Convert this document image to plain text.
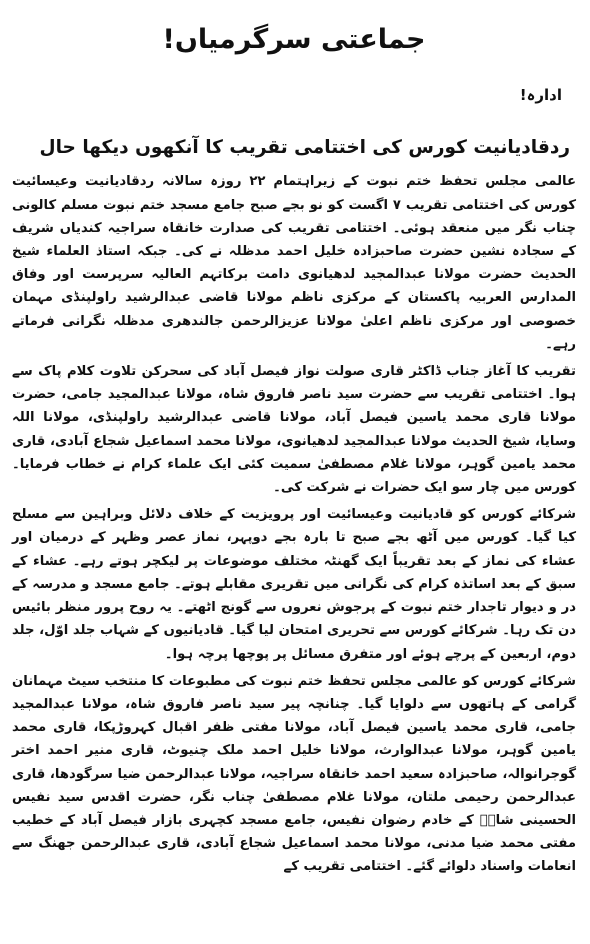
جماعتی سرگرمیاں!
ادارہ!
ردقادیانیت کورس کی اختتامی تقریب کا آنکھوں دیکھا حال

عالمی مجلس تحفظ ختم نبوت کے زیراہتمام ۲۲ روزہ سالانہ ردقادیانیت وعیسائیت کورس کی اختتامی تقریب ۷ اگست کو نو بجے صبح جامع مسجد ختم نبوت مسلم کالونی چناب نگر میں منعقد ہوئی۔ اختتامی تقریب کی صدارت خانقاہ سراجیہ کندیاں شریف کے سجادہ نشین حضرت صاحبزادہ خلیل احمد مدظلہ نے کی۔ جبکہ استاذ العلماء شیخ الحدیث حضرت مولانا عبدالمجید لدھیانوی دامت برکاتہم العالیہ سرپرست اور وفاق المدارس العربیہ پاکستان کے مرکزی ناظم مولانا قاضی عبدالرشید راولپنڈی مہمان خصوصی اور مرکزی ناظم اعلیٰ مولانا عزیزالرحمن جالندھری مدظلہ نگرانی فرماتے رہے۔

تقریب کا آغاز جناب ڈاکٹر قاری صولت نواز فیصل آباد کی سحرکن تلاوت کلام پاک سے ہوا۔ اختتامی تقریب سے حضرت سید ناصر فاروق شاہ، مولانا عبدالمجید جامی، حضرت مولانا قاری محمد یاسین فیصل آباد، مولانا قاضی عبدالرشید راولپنڈی، مولانا اللہ وسایا، شیخ الحدیث مولانا عبدالمجید لدھیانوی، مولانا محمد اسماعیل شجاع آبادی، قاری محمد یامین گوہر، مولانا غلام مصطفیٰ سمیت کئی ایک علماء کرام نے خطاب فرمایا۔ کورس میں چار سو ایک حضرات نے شرکت کی۔

شرکائے کورس کو قادیانیت وعیسائیت اور پرویزیت کے خلاف دلائل وبراہین سے مسلح کیا گیا۔ کورس میں آٹھ بجے صبح تا بارہ بجے دوپہر، نماز عصر وظہر کے درمیان اور عشاء کی نماز کے بعد تقریباً ایک گھنٹہ مختلف موضوعات پر لیکچر ہوتے رہے۔ عشاء کے سبق کے بعد اساتذہ کرام کی نگرانی میں تقریری مقابلے ہوتے۔ جامع مسجد و مدرسہ کے در و دیوار تاجدار ختم نبوت کے پرجوش نعروں سے گونج اٹھتے۔ یہ روح پرور منظر بائیس دن تک رہا۔ شرکائے کورس سے تحریری امتحان لیا گیا۔ قادیانیوں کے شہاب جلد اوّل، جلد دوم، اربعین کے پرچے ہوئے اور متفرق مسائل پر پوچھا پرچہ ہوا۔

شرکائے کورس کو عالمی مجلس تحفظ ختم نبوت کی مطبوعات کا منتخب سیٹ مہمانان گرامی کے ہاتھوں سے دلوایا گیا۔ چنانچہ پیر سید ناصر فاروق شاہ، مولانا عبدالمجید جامی، قاری محمد یاسین فیصل آباد، مولانا مفتی ظفر اقبال کہروڑپکا، قاری محمد یامین گوہر، مولانا عبدالوارث، مولانا خلیل احمد ملک چنیوٹ، قاری منیر احمد اختر گوجرانوالہ، صاحبزادہ سعید احمد خانقاہ سراجیہ، مولانا عبدالرحمن ضیا سرگودھا، قاری عبدالرحمن رحیمی ملتان، مولانا غلام مصطفیٰ چناب نگر، حضرت اقدس سید نفیس الحسینی شاہؒ کے خادم رضوان نفیس، جامع مسجد کچہری بازار فیصل آباد کے خطیب مفتی محمد ضیا مدنی، مولانا محمد اسماعیل شجاع آبادی، قاری عبدالرحمن جھنگ سے انعامات واسناد دلوائے گئے۔ اختتامی تقریب کے
